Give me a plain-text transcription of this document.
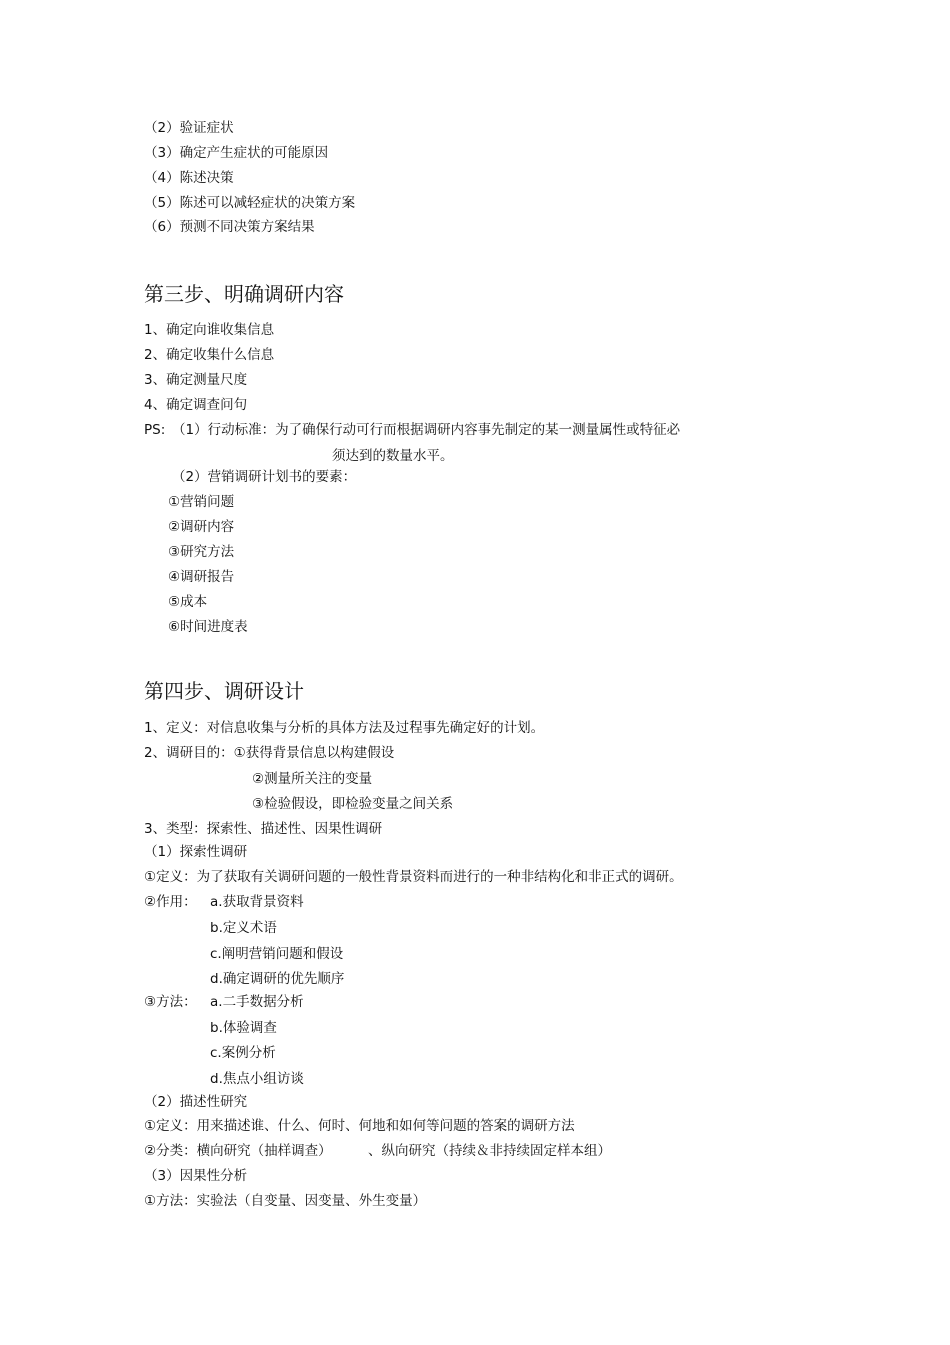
（2）验证症状
（3）确定产生症状的可能原因
（4）陈述决策
（5）陈述可以减轻症状的决策方案
（6）预测不同决策方案结果
第三步、明确调研内容
1、确定向谁收集信息
2、确定收集什么信息
3、确定测量尺度
4、确定调查问句
PS: （1）行动标准：为了确保行动可行而根据调研内容事先制定的某一测量属性或特征必
须达到的数量水平。
（2）营销调研计划书的要素：
①营销问题
②调研内容
③研究方法
④调研报告
⑤成本
⑥时间进度表
第四步、调研设计
1、定义：对信息收集与分析的具体方法及过程事先确定好的计划。
2、调研目的：①获得背景信息以构建假设
②测量所关注的变量
③检验假设，即检验变量之间关系
3、类型：探索性、描述性、因果性调研
（1）探索性调研
①定义：为了获取有关调研问题的一般性背景资料而进行的一种非结构化和非正式的调研。
②作用： a.获取背景资料
b.定义术语
c.阐明营销问题和假设
d.确定调研的优先顺序
③方法： a.二手数据分析
b.体验调查
c.案例分析
d.焦点小组访谈
（2）描述性研究
①定义：用来描述谁、什么、何时、何地和如何等问题的答案的调研方法
②分类：横向研究（抽样调查）	、纵向研究（持续＆非持续固定样本组）
（3）因果性分析
①方法：实验法（自变量、因变量、外生变量）
